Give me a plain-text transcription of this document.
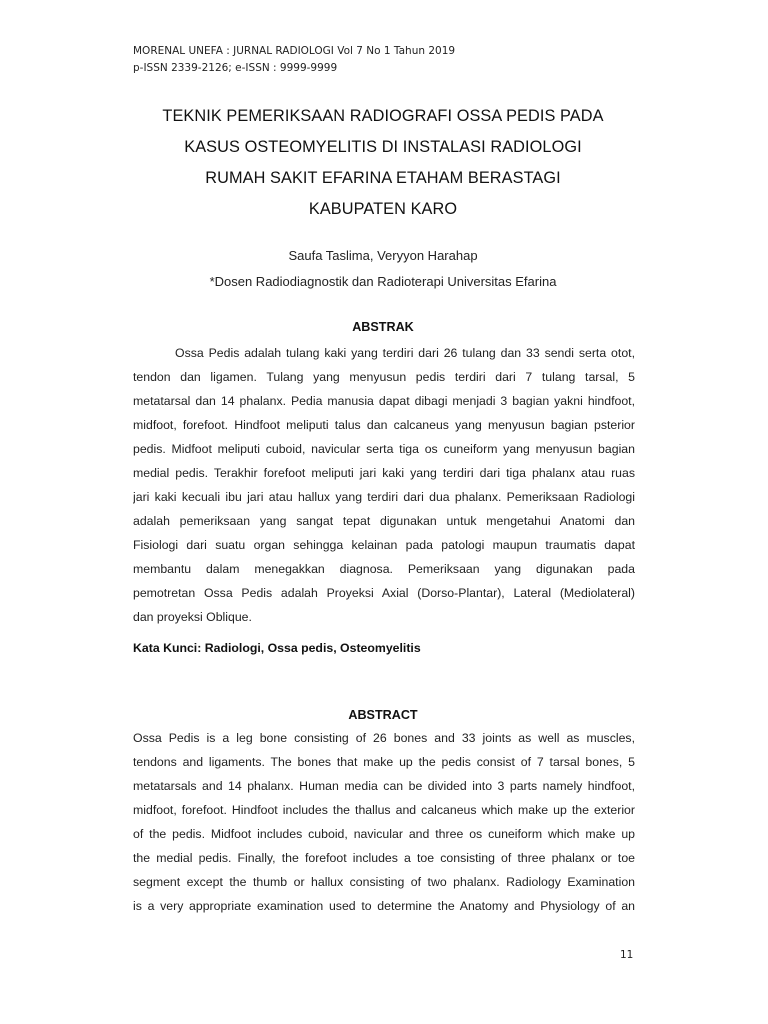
MORENAL UNEFA : JURNAL RADIOLOGI Vol 7 No 1 Tahun 2019
p-ISSN 2339-2126; e-ISSN : 9999-9999
TEKNIK PEMERIKSAAN RADIOGRAFI OSSA PEDIS PADA
KASUS OSTEOMYELITIS DI INSTALASI RADIOLOGI
RUMAH SAKIT EFARINA ETAHAM BERASTAGI
KABUPATEN KARO
Saufa Taslima, Veryyon Harahap
*Dosen Radiodiagnostik dan Radioterapi Universitas Efarina
ABSTRAK
Ossa Pedis adalah tulang kaki yang terdiri dari 26 tulang dan 33 sendi serta otot,
tendon dan ligamen. Tulang yang menyusun pedis terdiri dari 7 tulang tarsal, 5
metatarsal dan 14 phalanx. Pedia manusia dapat dibagi menjadi 3 bagian yakni hindfoot,
midfoot, forefoot. Hindfoot meliputi talus dan calcaneus yang menyusun bagian psterior
pedis. Midfoot meliputi cuboid, navicular serta tiga os cuneiform yang menyusun bagian
medial pedis. Terakhir forefoot meliputi jari kaki yang terdiri dari tiga phalanx atau ruas
jari kaki kecuali ibu jari atau hallux yang terdiri dari dua phalanx. Pemeriksaan Radiologi
adalah pemeriksaan yang sangat tepat digunakan untuk mengetahui Anatomi dan
Fisiologi dari suatu organ sehingga kelainan pada patologi maupun traumatis dapat
membantu dalam menegakkan diagnosa. Pemeriksaan yang digunakan pada
pemotretan Ossa Pedis adalah Proyeksi Axial (Dorso-Plantar), Lateral (Mediolateral)
dan proyeksi Oblique.
Kata Kunci: Radiologi, Ossa pedis, Osteomyelitis
ABSTRACT
Ossa Pedis is a leg bone consisting of 26 bones and 33 joints as well as muscles,
tendons and ligaments. The bones that make up the pedis consist of 7 tarsal bones, 5
metatarsals and 14 phalanx. Human media can be divided into 3 parts namely hindfoot,
midfoot, forefoot. Hindfoot includes the thallus and calcaneus which make up the exterior
of the pedis. Midfoot includes cuboid, navicular and three os cuneiform which make up
the medial pedis. Finally, the forefoot includes a toe consisting of three phalanx or toe
segment except the thumb or hallux consisting of two phalanx. Radiology Examination
is a very appropriate examination used to determine the Anatomy and Physiology of an
11
